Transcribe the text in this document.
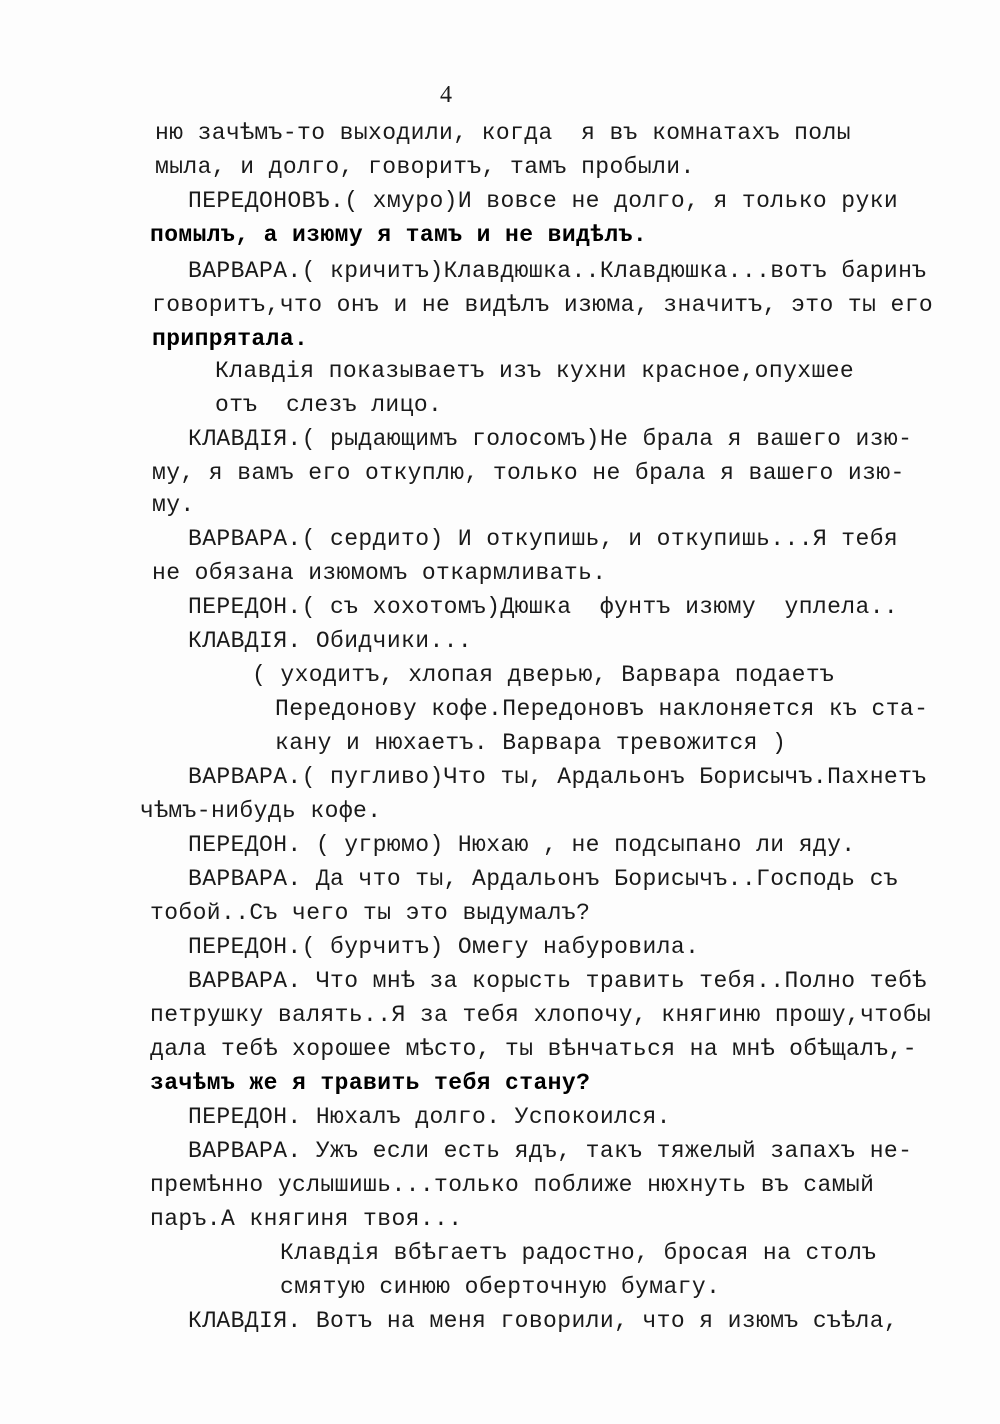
4
ню зачѣмъ-то выходили, когда  я въ комнатахъ полы
мыла, и долго, говоритъ, тамъ пробыли.
ПЕРЕДОНОВЪ.( хмуро)И вовсе не долго, я только руки
помылъ, а изюму я тамъ и не видѣлъ.
ВАРВАРА.( кричитъ)Клавдюшка..Клавдюшка...вотъ баринъ
говоритъ,что онъ и не видѣлъ изюма, значитъ, это ты его
припрятала.
Клавдія показываетъ изъ кухни красное,опухшее
отъ  слезъ лицо.
КЛАВДІЯ.( рыдающимъ голосомъ)Не брала я вашего изю-
му, я вамъ его откуплю, только не брала я вашего изю-
му.
ВАРВАРА.( сердито) И откупишь, и откупишь...Я тебя
не обязана изюмомъ откармливать.
ПЕРЕДОН.( съ хохотомъ)Дюшка  фунтъ изюму  уплела..
КЛАВДІЯ. Обидчики...
( уходитъ, хлопая дверью, Варвара подаетъ
Передонову кофе.Передоновъ наклоняется къ ста-
кану и нюхаетъ. Варвара тревожится )
ВАРВАРА.( пугливо)Что ты, Ардальонъ Борисычъ.Пахнетъ
чѣмъ-нибудь кофе.
ПЕРЕДОН. ( угрюмо) Нюхаю , не подсыпано ли яду.
ВАРВАРА. Да что ты, Ардальонъ Борисычъ..Господь съ
тобой..Съ чего ты это выдумалъ?
ПЕРЕДОН.( бурчитъ) Омегу набуровила.
ВАРВАРА. Что мнѣ за корысть травить тебя..Полно тебѣ
петрушку валять..Я за тебя хлопочу, княгиню прошу,чтобы
дала тебѣ хорошее мѣсто, ты вѣнчаться на мнѣ обѣщалъ,-
зачѣмъ же я травить тебя стану?
ПЕРЕДОН. Нюхалъ долго. Успокоился.
ВАРВАРА. Ужъ если есть ядъ, такъ тяжелый запахъ не-
премѣнно услышишь...только поближе нюхнуть въ самый
паръ.А княгиня твоя...
Клавдія вбѣгаетъ радостно, бросая на столъ
смятую синюю оберточную бумагу.
КЛАВДІЯ. Вотъ на меня говорили, что я изюмъ съѣла,
